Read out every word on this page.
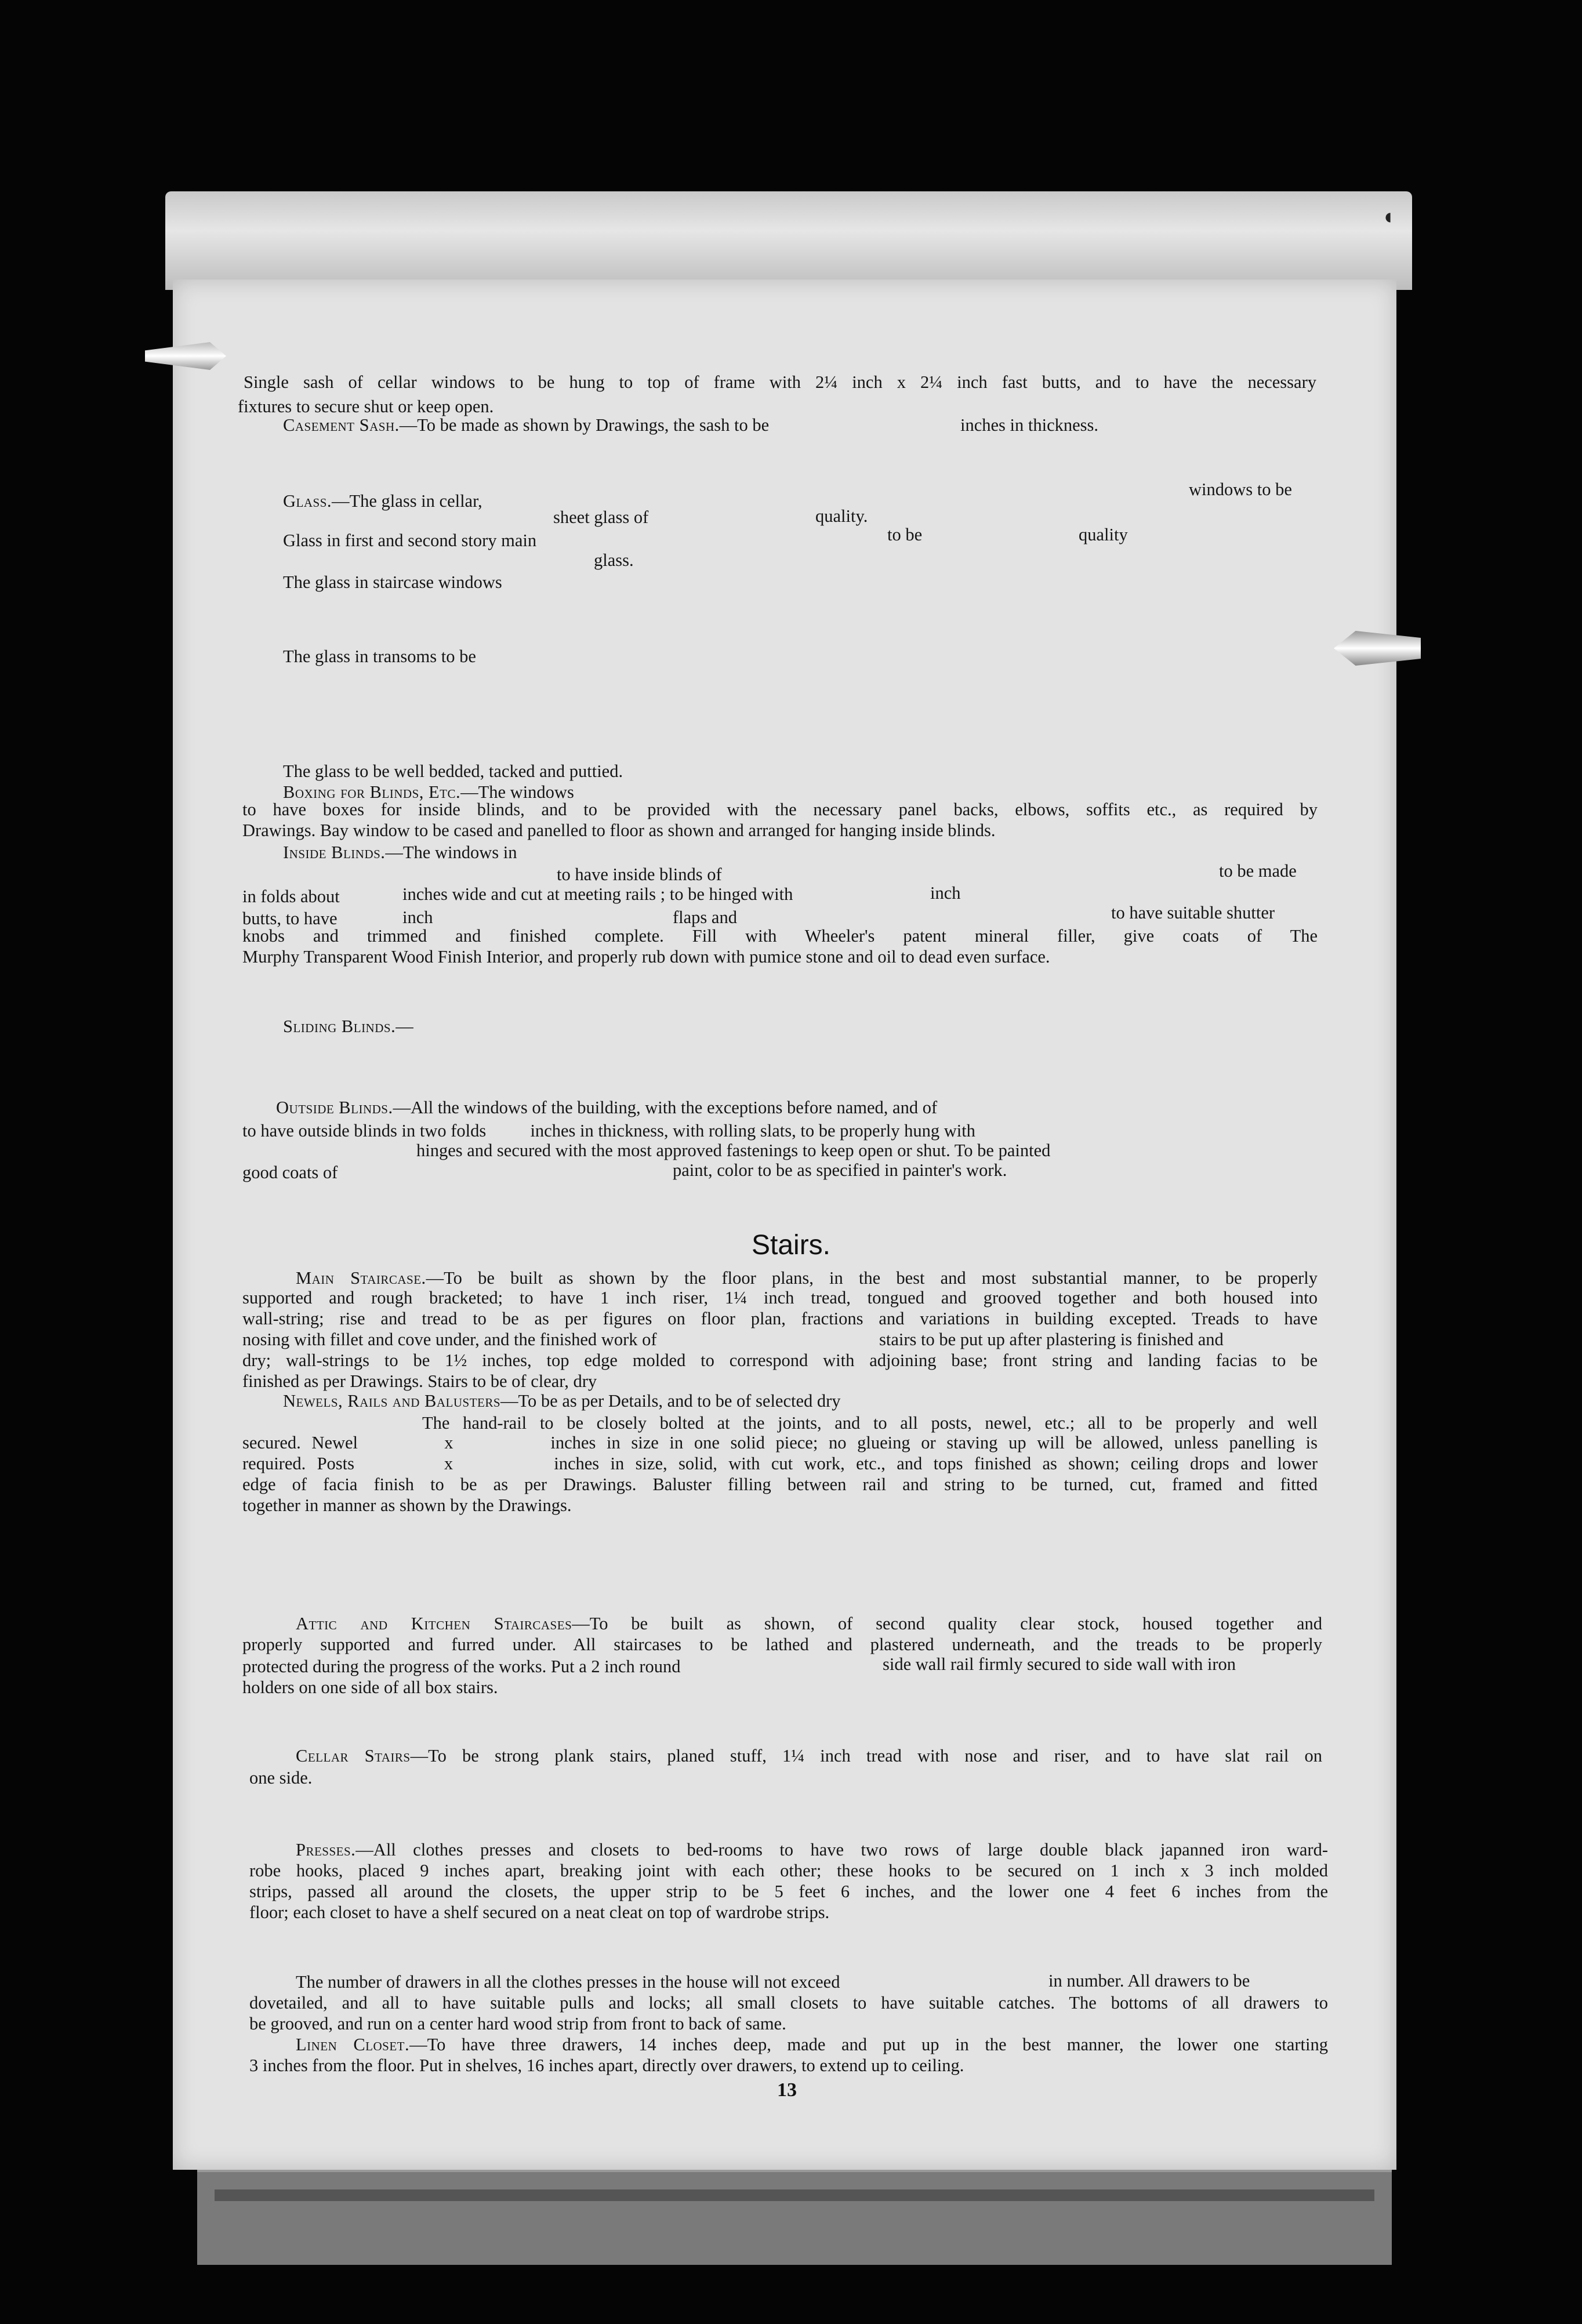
◖
Single sash of cellar windows to be hung to top of frame with 2¼ inch x 2¼ inch fast butts, and to have the necessary
fixtures to secure shut or keep open.
Casement Sash.—To be made as shown by Drawings, the sash to be	inches in thickness.
windows to be
Glass.—The glass in cellar,
sheet glass of	quality.
Glass in first and second story main	to be	quality
glass.
The glass in staircase windows
The glass in transoms to be
The glass to be well bedded, tacked and puttied.
Boxing for Blinds, Etc.—The windows
to have boxes for inside blinds, and to be provided with the necessary panel backs, elbows, soffits etc., as required by
Drawings. Bay window to be cased and panelled to floor as shown and arranged for hanging inside blinds.
Inside Blinds.—The windows in
to have inside blinds of	to be made
in folds about	inches wide and cut at meeting rails ; to be hinged with	inch
butts, to have	inch	flaps and	to have suitable shutter
knobs and trimmed and finished complete. Fill with Wheeler's patent mineral filler, give coats of The
Murphy Transparent Wood Finish Interior, and properly rub down with pumice stone and oil to dead even surface.
Sliding Blinds.—
Outside Blinds.—All the windows of the building, with the exceptions before named, and of
to have outside blinds in two folds          inches in thickness, with rolling slats, to be properly hung with
hinges and secured with the most approved fastenings to keep open or shut. To be painted
good coats of	paint, color to be as specified in painter's work.
Stairs.
Main Staircase.—To be built as shown by the floor plans, in the best and most substantial manner, to be properly
supported and rough bracketed; to have 1 inch riser, 1¼ inch tread, tongued and grooved together and both housed into
wall-string; rise and tread to be as per figures on floor plan, fractions and variations in building excepted. Treads to have
nosing with fillet and cove under, and the finished work of	stairs to be put up after plastering is finished and
dry; wall-strings to be 1½ inches, top edge molded to correspond with adjoining base; front string and landing facias to be
finished as per Drawings. Stairs to be of clear, dry
Newels, Rails and Balusters—To be as per Details, and to be of selected dry
The hand-rail to be closely bolted at the joints, and to all posts, newel, etc.; all to be properly and well
secured. Newel        x         inches in size in one solid piece; no glueing or staving up will be allowed, unless panelling is
required. Posts        x         inches in size, solid, with cut work, etc., and tops finished as shown; ceiling drops and lower
edge of facia finish to be as per Drawings. Baluster filling between rail and string to be turned, cut, framed and fitted
together in manner as shown by the Drawings.
Attic and Kitchen Staircases—To be built as shown, of second quality clear stock, housed together and
properly supported and furred under. All staircases to be lathed and plastered underneath, and the treads to be properly
protected during the progress of the works. Put a 2 inch round	side wall rail firmly secured to side wall with iron
holders on one side of all box stairs.
Cellar Stairs—To be strong plank stairs, planed stuff, 1¼ inch tread with nose and riser, and to have slat rail on
one side.
Presses.—All clothes presses and closets to bed-rooms to have two rows of large double black japanned iron ward-
robe hooks, placed 9 inches apart, breaking joint with each other; these hooks to be secured on 1 inch x 3 inch molded
strips, passed all around the closets, the upper strip to be 5 feet 6 inches, and the lower one 4 feet 6 inches from the
floor; each closet to have a shelf secured on a neat cleat on top of wardrobe strips.
The number of drawers in all the clothes presses in the house will not exceed	in number. All drawers to be
dovetailed, and all to have suitable pulls and locks; all small closets to have suitable catches. The bottoms of all drawers to
be grooved, and run on a center hard wood strip from front to back of same.
Linen Closet.—To have three drawers, 14 inches deep, made and put up in the best manner, the lower one starting
3 inches from the floor. Put in shelves, 16 inches apart, directly over drawers, to extend up to ceiling.
13
